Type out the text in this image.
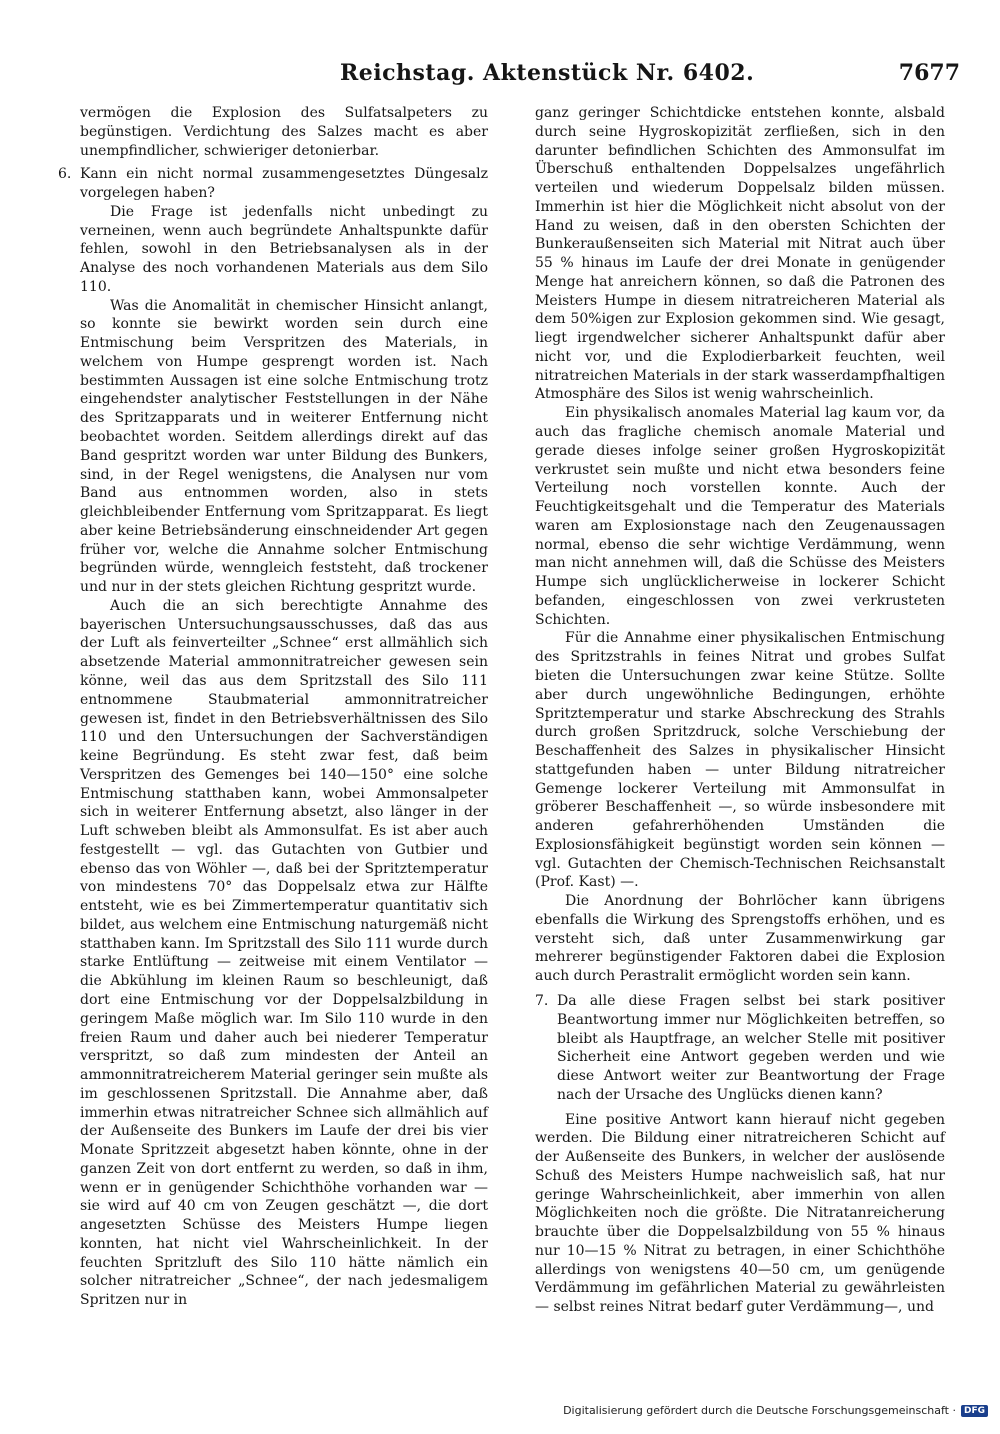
Reichstag. Aktenstück Nr. 6402.	7677

vermögen die Explosion des Sulfatsalpeters zu begünstigen. Verdichtung des Salzes macht es aber unempfindlicher, schwieriger detonierbar.

6. Kann ein nicht normal zusammengesetztes Düngesalz vorgelegen haben?

Die Frage ist jedenfalls nicht unbedingt zu verneinen, wenn auch begründete Anhaltspunkte dafür fehlen, sowohl in den Betriebsanalysen als in der Analyse des noch vorhandenen Materials aus dem Silo 110.

Was die Anomalität in chemischer Hinsicht anlangt, so konnte sie bewirkt worden sein durch eine Entmischung beim Verspritzen des Materials, in welchem von Humpe gesprengt worden ist. Nach bestimmten Aussagen ist eine solche Entmischung trotz eingehendster analytischer Feststellungen in der Nähe des Spritzapparats und in weiterer Entfernung nicht beobachtet worden. Seitdem allerdings direkt auf das Band gespritzt worden war unter Bildung des Bunkers, sind, in der Regel wenigstens, die Analysen nur vom Band aus entnommen worden, also in stets gleichbleibender Entfernung vom Spritzapparat. Es liegt aber keine Betriebsänderung einschneidender Art gegen früher vor, welche die Annahme solcher Entmischung begründen würde, wenngleich feststeht, daß trockener und nur in der stets gleichen Richtung gespritzt wurde.

Auch die an sich berechtigte Annahme des bayerischen Untersuchungsausschusses, daß das aus der Luft als feinverteilter „Schnee“ erst allmählich sich absetzende Material ammonnitratreicher gewesen sein könne, weil das aus dem Spritzstall des Silo 111 entnommene Staubmaterial ammonnitratreicher gewesen ist, findet in den Betriebsverhältnissen des Silo 110 und den Untersuchungen der Sachverständigen keine Begründung. Es steht zwar fest, daß beim Verspritzen des Gemenges bei 140—150° eine solche Entmischung statthaben kann, wobei Ammonsalpeter sich in weiterer Entfernung absetzt, also länger in der Luft schweben bleibt als Ammonsulfat. Es ist aber auch festgestellt — vgl. das Gutachten von Gutbier und ebenso das von Wöhler —, daß bei der Spritztemperatur von mindestens 70° das Doppelsalz etwa zur Hälfte entsteht, wie es bei Zimmertemperatur quantitativ sich bildet, aus welchem eine Entmischung naturgemäß nicht statthaben kann. Im Spritzstall des Silo 111 wurde durch starke Entlüftung — zeitweise mit einem Ventilator — die Abkühlung im kleinen Raum so beschleunigt, daß dort eine Entmischung vor der Doppelsalzbildung in geringem Maße möglich war. Im Silo 110 wurde in den freien Raum und daher auch bei niederer Temperatur verspritzt, so daß zum mindesten der Anteil an ammonnitratreicherem Material geringer sein mußte als im geschlossenen Spritzstall. Die Annahme aber, daß immerhin etwas nitratreicher Schnee sich allmählich auf der Außenseite des Bunkers im Laufe der drei bis vier Monate Spritzzeit abgesetzt haben könnte, ohne in der ganzen Zeit von dort entfernt zu werden, so daß in ihm, wenn er in genügender Schichthöhe vorhanden war — sie wird auf 40 cm von Zeugen geschätzt —, die dort angesetzten Schüsse des Meisters Humpe liegen konnten, hat nicht viel Wahrscheinlichkeit. In der feuchten Spritzluft des Silo 110 hätte nämlich ein solcher nitratreicher „Schnee“, der nach jedesmaligem Spritzen nur in

ganz geringer Schichtdicke entstehen konnte, alsbald durch seine Hygroskopizität zerfließen, sich in den darunter befindlichen Schichten des Ammonsulfat im Überschuß enthaltenden Doppelsalzes ungefährlich verteilen und wiederum Doppelsalz bilden müssen. Immerhin ist hier die Möglichkeit nicht absolut von der Hand zu weisen, daß in den obersten Schichten der Bunkeraußenseiten sich Material mit Nitrat auch über 55 % hinaus im Laufe der drei Monate in genügender Menge hat anreichern können, so daß die Patronen des Meisters Humpe in diesem nitratreicheren Material als dem 50%igen zur Explosion gekommen sind. Wie gesagt, liegt irgendwelcher sicherer Anhaltspunkt dafür aber nicht vor, und die Explodierbarkeit feuchten, weil nitratreichen Materials in der stark wasserdampfhaltigen Atmosphäre des Silos ist wenig wahrscheinlich.

Ein physikalisch anomales Material lag kaum vor, da auch das fragliche chemisch anomale Material und gerade dieses infolge seiner großen Hygroskopizität verkrustet sein mußte und nicht etwa besonders feine Verteilung noch vorstellen konnte. Auch der Feuchtigkeitsgehalt und die Temperatur des Materials waren am Explosionstage nach den Zeugenaussagen normal, ebenso die sehr wichtige Verdämmung, wenn man nicht annehmen will, daß die Schüsse des Meisters Humpe sich unglücklicherweise in lockerer Schicht befanden, eingeschlossen von zwei verkrusteten Schichten.

Für die Annahme einer physikalischen Entmischung des Spritzstrahls in feines Nitrat und grobes Sulfat bieten die Untersuchungen zwar keine Stütze. Sollte aber durch ungewöhnliche Bedingungen, erhöhte Spritztemperatur und starke Abschreckung des Strahls durch großen Spritzdruck, solche Verschiebung der Beschaffenheit des Salzes in physikalischer Hinsicht stattgefunden haben — unter Bildung nitratreicher Gemenge lockerer Verteilung mit Ammonsulfat in gröberer Beschaffenheit —, so würde insbesondere mit anderen gefahrerhöhenden Umständen die Explosionsfähigkeit begünstigt worden sein können — vgl. Gutachten der Chemisch-Technischen Reichsanstalt (Prof. Kast) —.

Die Anordnung der Bohrlöcher kann übrigens ebenfalls die Wirkung des Sprengstoffs erhöhen, und es versteht sich, daß unter Zusammenwirkung gar mehrerer begünstigender Faktoren dabei die Explosion auch durch Perastralit ermöglicht worden sein kann.

7. Da alle diese Fragen selbst bei stark positiver Beantwortung immer nur Möglichkeiten betreffen, so bleibt als Hauptfrage, an welcher Stelle mit positiver Sicherheit eine Antwort gegeben werden und wie diese Antwort weiter zur Beantwortung der Frage nach der Ursache des Unglücks dienen kann?

Eine positive Antwort kann hierauf nicht gegeben werden. Die Bildung einer nitratreicheren Schicht auf der Außenseite des Bunkers, in welcher der auslösende Schuß des Meisters Humpe nachweislich saß, hat nur geringe Wahrscheinlichkeit, aber immerhin von allen Möglichkeiten noch die größte. Die Nitratanreicherung brauchte über die Doppelsalzbildung von 55 % hinaus nur 10—15 % Nitrat zu betragen, in einer Schichthöhe allerdings von wenigstens 40—50 cm, um genügende Verdämmung im gefährlichen Material zu gewährleisten — selbst reines Nitrat bedarf guter Verdämmung—, und

Digitalisierung gefördert durch die Deutsche Forschungsgemeinschaft · DFG
